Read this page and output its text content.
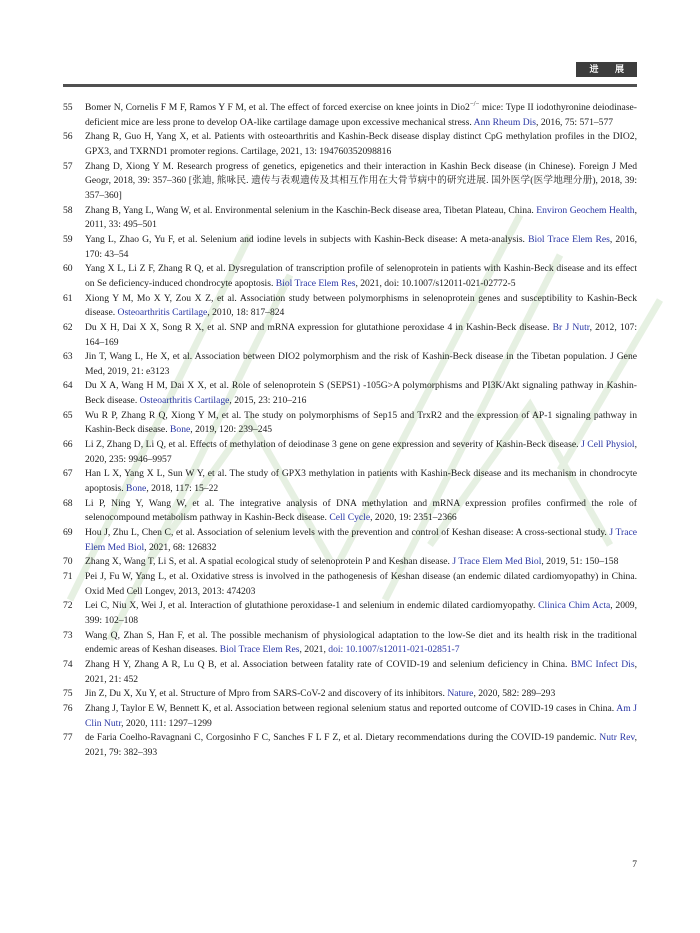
进 展
55 Bomer N, Cornelis F M F, Ramos Y F M, et al. The effect of forced exercise on knee joints in Dio2−/− mice: Type II iodothyronine deiodinase-deficient mice are less prone to develop OA-like cartilage damage upon excessive mechanical stress. Ann Rheum Dis, 2016, 75: 571–577
56 Zhang R, Guo H, Yang X, et al. Patients with osteoarthritis and Kashin-Beck disease display distinct CpG methylation profiles in the DIO2, GPX3, and TXRND1 promoter regions. Cartilage, 2021, 13: 194760352098816
57 Zhang D, Xiong Y M. Research progress of genetics, epigenetics and their interaction in Kashin Beck disease (in Chinese). Foreign J Med Geogr, 2018, 39: 357–360 [张迪, 熊咏民. 遗传与表观遗传及其相互作用在大骨节病中的研究进展. 国外医学(医学地理分册), 2018, 39: 357–360]
58 Zhang B, Yang L, Wang W, et al. Environmental selenium in the Kaschin-Beck disease area, Tibetan Plateau, China. Environ Geochem Health, 2011, 33: 495–501
59 Yang L, Zhao G, Yu F, et al. Selenium and iodine levels in subjects with Kashin-Beck disease: A meta-analysis. Biol Trace Elem Res, 2016, 170: 43–54
60 Yang X L, Li Z F, Zhang R Q, et al. Dysregulation of transcription profile of selenoprotein in patients with Kashin-Beck disease and its effect on Se deficiency-induced chondrocyte apoptosis. Biol Trace Elem Res, 2021, doi: 10.1007/s12011-021-02772-5
61 Xiong Y M, Mo X Y, Zou X Z, et al. Association study between polymorphisms in selenoprotein genes and susceptibility to Kashin-Beck disease. Osteoarthritis Cartilage, 2010, 18: 817–824
62 Du X H, Dai X X, Song R X, et al. SNP and mRNA expression for glutathione peroxidase 4 in Kashin-Beck disease. Br J Nutr, 2012, 107: 164–169
63 Jin T, Wang L, He X, et al. Association between DIO2 polymorphism and the risk of Kashin-Beck disease in the Tibetan population. J Gene Med, 2019, 21: e3123
64 Du X A, Wang H M, Dai X X, et al. Role of selenoprotein S (SEPS1) -105G>A polymorphisms and PI3K/Akt signaling pathway in Kashin-Beck disease. Osteoarthritis Cartilage, 2015, 23: 210–216
65 Wu R P, Zhang R Q, Xiong Y M, et al. The study on polymorphisms of Sep15 and TrxR2 and the expression of AP-1 signaling pathway in Kashin-Beck disease. Bone, 2019, 120: 239–245
66 Li Z, Zhang D, Li Q, et al. Effects of methylation of deiodinase 3 gene on gene expression and severity of Kashin-Beck disease. J Cell Physiol, 2020, 235: 9946–9957
67 Han L X, Yang X L, Sun W Y, et al. The study of GPX3 methylation in patients with Kashin-Beck disease and its mechanism in chondrocyte apoptosis. Bone, 2018, 117: 15–22
68 Li P, Ning Y, Wang W, et al. The integrative analysis of DNA methylation and mRNA expression profiles confirmed the role of selenocompound metabolism pathway in Kashin-Beck disease. Cell Cycle, 2020, 19: 2351–2366
69 Hou J, Zhu L, Chen C, et al. Association of selenium levels with the prevention and control of Keshan disease: A cross-sectional study. J Trace Elem Med Biol, 2021, 68: 126832
70 Zhang X, Wang T, Li S, et al. A spatial ecological study of selenoprotein P and Keshan disease. J Trace Elem Med Biol, 2019, 51: 150–158
71 Pei J, Fu W, Yang L, et al. Oxidative stress is involved in the pathogenesis of Keshan disease (an endemic dilated cardiomyopathy) in China. Oxid Med Cell Longev, 2013, 2013: 474203
72 Lei C, Niu X, Wei J, et al. Interaction of glutathione peroxidase-1 and selenium in endemic dilated cardiomyopathy. Clinica Chim Acta, 2009, 399: 102–108
73 Wang Q, Zhan S, Han F, et al. The possible mechanism of physiological adaptation to the low-Se diet and its health risk in the traditional endemic areas of Keshan diseases. Biol Trace Elem Res, 2021, doi: 10.1007/s12011-021-02851-7
74 Zhang H Y, Zhang A R, Lu Q B, et al. Association between fatality rate of COVID-19 and selenium deficiency in China. BMC Infect Dis, 2021, 21: 452
75 Jin Z, Du X, Xu Y, et al. Structure of Mpro from SARS-CoV-2 and discovery of its inhibitors. Nature, 2020, 582: 289–293
76 Zhang J, Taylor E W, Bennett K, et al. Association between regional selenium status and reported outcome of COVID-19 cases in China. Am J Clin Nutr, 2020, 111: 1297–1299
77 de Faria Coelho-Ravagnani C, Corgosinho F C, Sanches F L F Z, et al. Dietary recommendations during the COVID-19 pandemic. Nutr Rev, 2021, 79: 382–393
7
